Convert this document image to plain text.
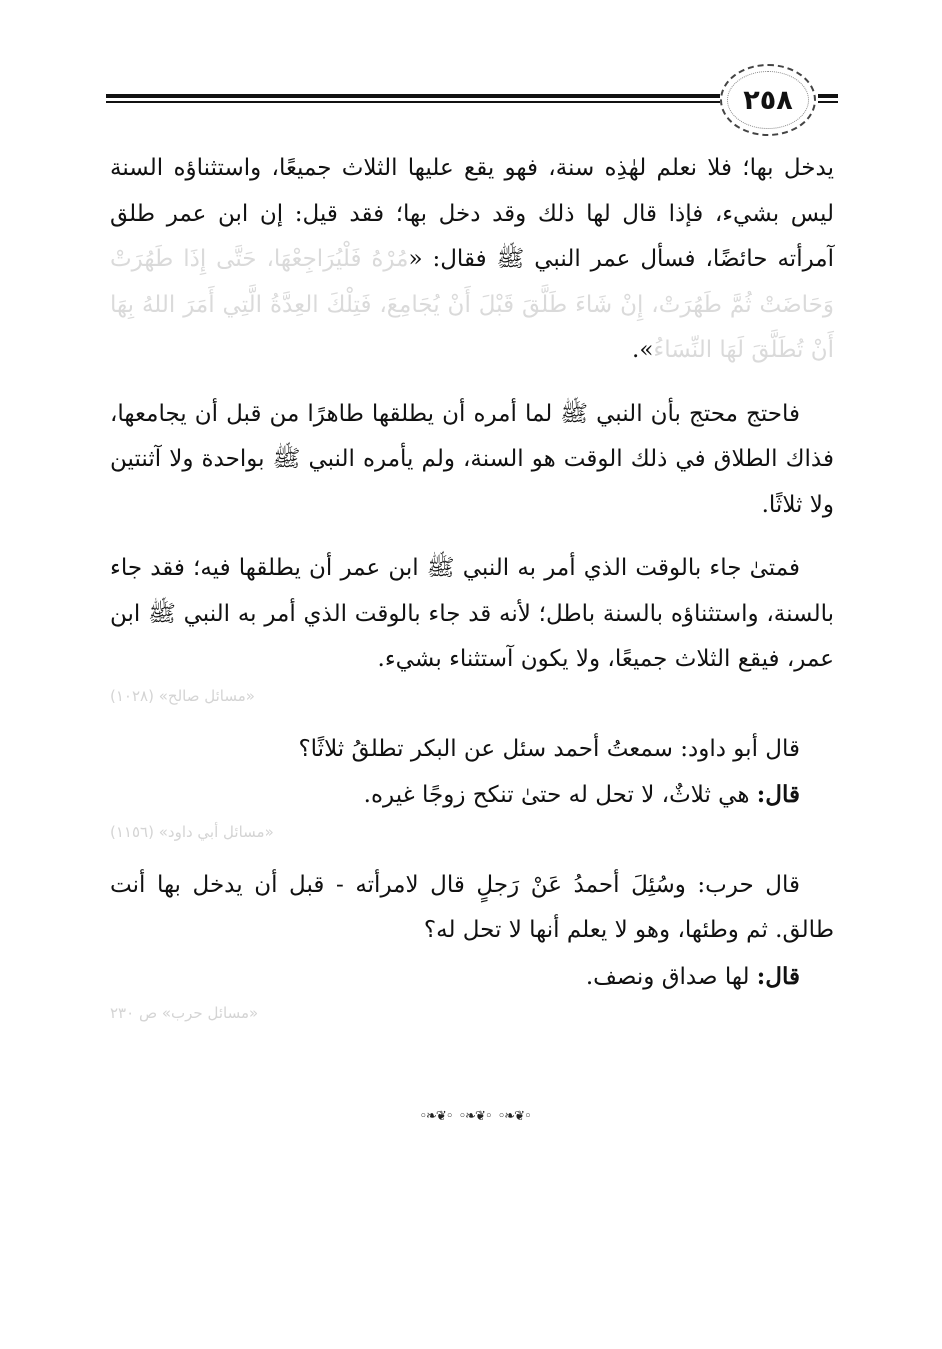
٢٥٨

يدخل بها؛ فلا نعلم لهٰذِه سنة، فهو يقع عليها الثلاث جميعًا، واستثناؤه السنة ليس بشيء، فإذا قال لها ذلك وقد دخل بها؛ فقد قيل: إن ابن عمر طلق آمرأته حائضًا، فسأل عمر النبي ﷺ فقال: «مُرْهُ فَلْيُرَاجِعْهَا، حَتَّى إِذَا طَهُرَتْ وَحَاضَتْ ثُمَّ طَهُرَتْ، إِنْ شَاءَ طَلَّقَ قَبْلَ أَنْ يُجَامِعَ، فَتِلْكَ العِدَّةُ الَّتِي أَمَرَ اللهُ بِهَا أَنْ تُطَلَّقَ لَهَا النِّسَاءُ».

فاحتج محتج بأن النبي ﷺ لما أمره أن يطلقها طاهرًا من قبل أن يجامعها، فذاك الطلاق في ذلك الوقت هو السنة، ولم يأمره النبي ﷺ بواحدة ولا آثنتين ولا ثلاثًا.

فمتىٰ جاء بالوقت الذي أمر به النبي ﷺ ابن عمر أن يطلقها فيه؛ فقد جاء بالسنة، واستثناؤه بالسنة باطل؛ لأنه قد جاء بالوقت الذي أمر به النبي ﷺ ابن عمر، فيقع الثلاث جميعًا، ولا يكون آستثناء بشيء.

«مسائل صالح» (١٠٢٨)

قال أبو داود: سمعتُ أحمد سئل عن البكر تطلقُ ثلاثًا؟

قال: هي ثلاثٌ، لا تحل له حتىٰ تنكح زوجًا غيره.

«مسائل أبي داود» (١١٥٦)

قال حرب: وسُئِلَ أحمدُ عَنْ رَجلٍ قال لامرأته - قبل أن يدخل بها أنت طالق. ثم وطئها، وهو لا يعلم أنها لا تحل له؟

قال: لها صداق ونصف.

«مسائل حرب» ص ٢٣٠
◦❧❦◦ ◦❧❦◦ ◦❧❦◦
